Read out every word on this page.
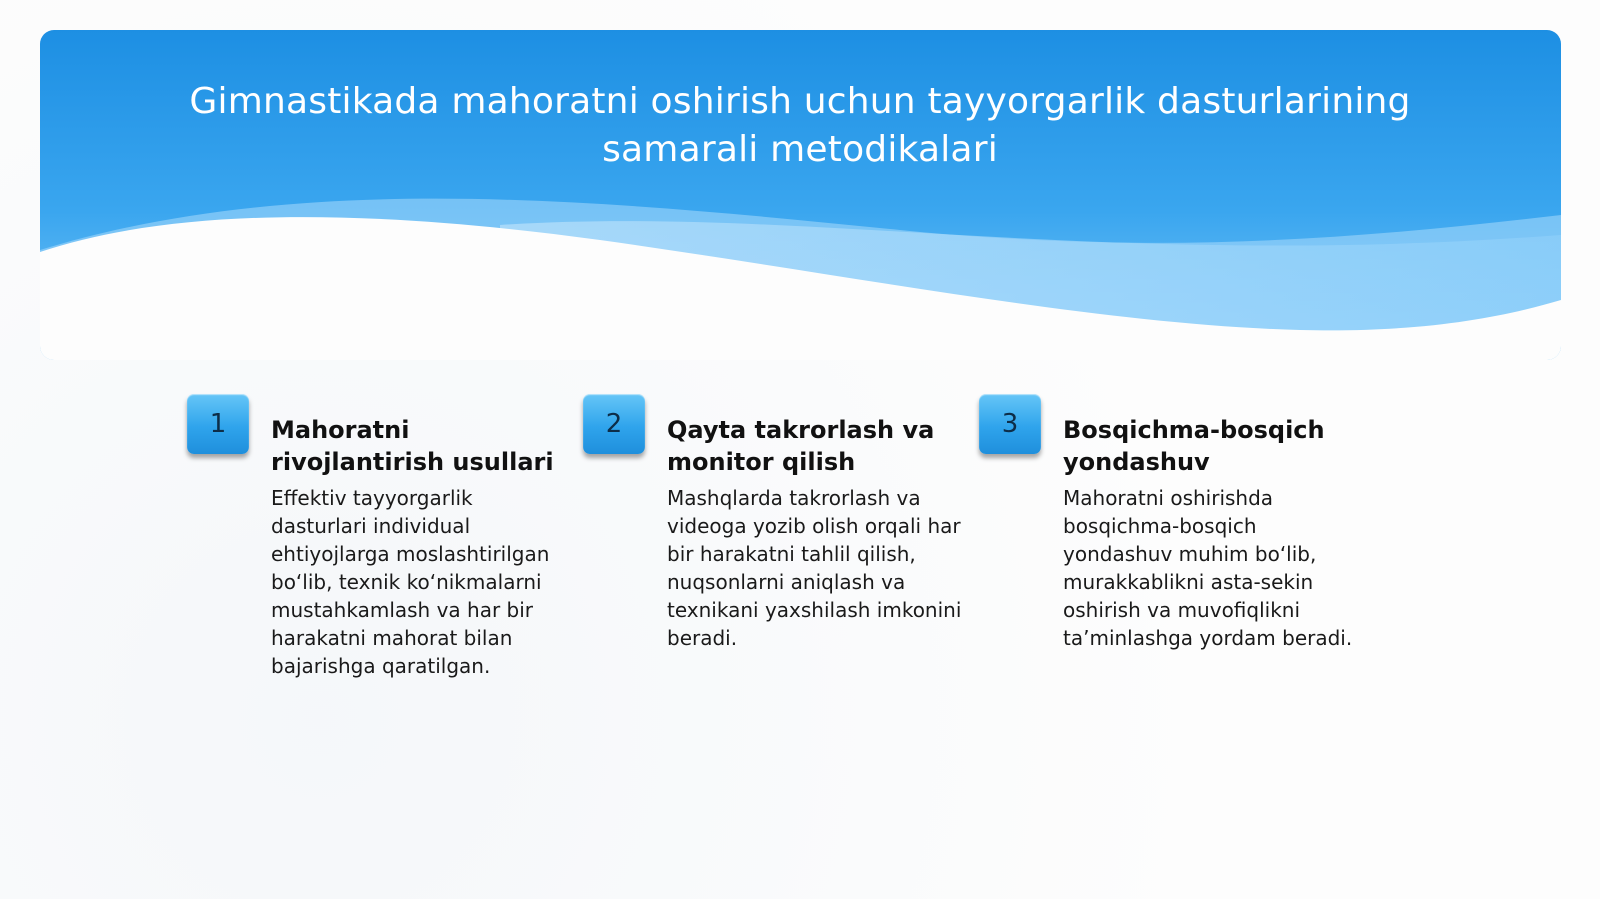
Gimnastikada mahoratni oshirish uchun tayyorgarlik dasturlarining samarali metodikalari
1	Mahoratni rivojlantirish usullari

Effektiv tayyorgarlik dasturlari individual ehtiyojlarga moslashtirilgan bo‘lib, texnik ko‘nikmalarni mustahkamlash va har bir harakatni mahorat bilan bajarishga qaratilgan.

2	Qayta takrorlash va monitor qilish

Mashqlarda takrorlash va videoga yozib olish orqali har bir harakatni tahlil qilish, nuqsonlarni aniqlash va texnikani yaxshilash imkonini beradi.

3	Bosqichma-bosqich yondashuv

Mahoratni oshirishda bosqichma-bosqich yondashuv muhim bo‘lib, murakkablikni asta-sekin oshirish va muvofiqlikni ta’minlashga yordam beradi.
